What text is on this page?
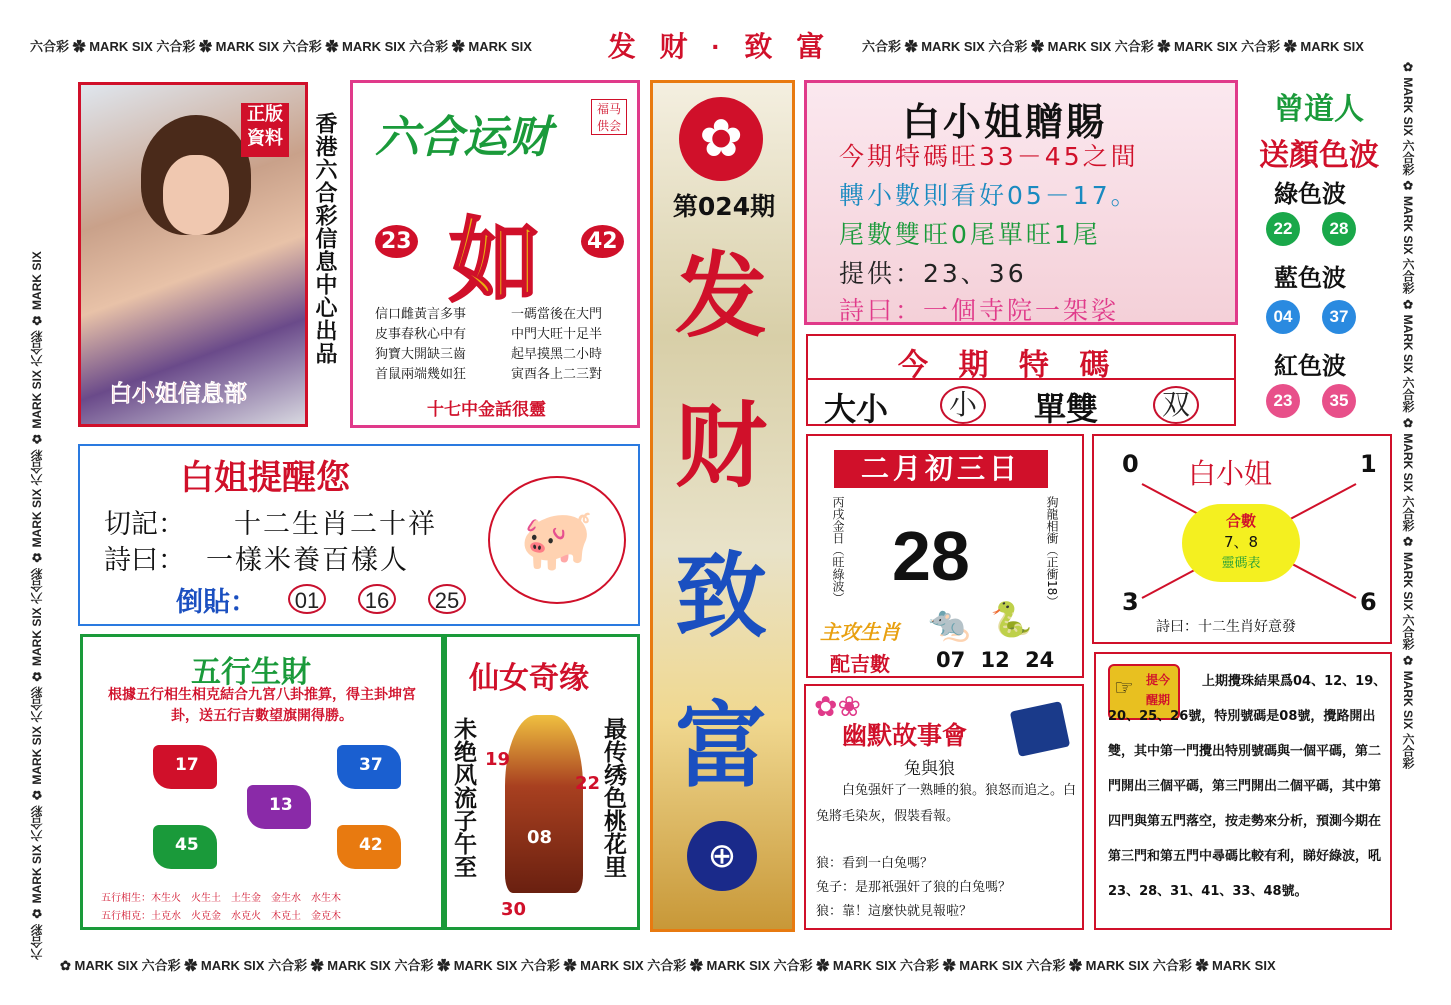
六合彩 ✿ MARK SIX 六合彩 ✿ MARK SIX 六合彩 ✿ MARK SIX 六合彩 ✿ MARK SIX	发 财 · 致 富	六合彩 ✿ MARK SIX 六合彩 ✿ MARK SIX 六合彩 ✿ MARK SIX 六合彩 ✿ MARK SIX
✿ MARK SIX 六合彩 ✿ MARK SIX 六合彩 ✿ MARK SIX 六合彩 ✿ MARK SIX 六合彩 ✿ MARK SIX 六合彩 ✿ MARK SIX 六合彩 ✿ MARK SIX 六合彩 ✿ MARK SIX 六合彩 ✿ MARK SIX 六合彩 ✿ MARK SIX
六合彩 ✿ MARK SIX 六合彩 ✿ MARK SIX 六合彩 ✿ MARK SIX 六合彩 ✿ MARK SIX 六合彩 ✿ MARK SIX 六合彩 ✿ MARK SIX	✿ MARK SIX 六合彩 ✿ MARK SIX 六合彩 ✿ MARK SIX 六合彩 ✿ MARK SIX 六合彩 ✿ MARK SIX 六合彩 ✿ MARK SIX 六合彩
正版
資料
白小姐信息部
香港六合彩信息中心出品 六合运财
福马
供会
23 如 42
信口雌黃言多事
皮事春秋心中有
狗寶大開缺三齒
首鼠兩端幾如狂
一碼當後在大門
中門大旺十足半
起早摸黑二小時
寅酉各上二三對
十七中金話很靈
✿
第024期
发
财
致
富
⊕
白小姐贈賜
今期特碼旺33－45之間
轉小數則看好05－17。
尾數雙旺0尾單旺1尾
提供：23、36
詩曰：一個寺院一架裟
曾道人
送顏色波
綠色波
22	28
藍色波
04	37
紅色波
23	35
今 期 特 碼
大小	小 單雙	双
二月初三日
丙戌金日（旺綠波） 28	狗龍相衝（正衝18）
主攻生肖 🐀 🐍
配吉數 07 12 24
0 白小姐	1
合數
7、8
靈碼表
3	6
詩曰：十二生肖好意發
白姐提醒您
切記： 十二生肖二十祥
詩曰： 一樣米養百樣人
倒貼：	01	16	25
🐖
五行生財
根據五行相生相克結合九宮八卦推算，得主卦坤宮卦，送五行吉數望旗開得勝。
17	37
13
45	42
五行相生：木生火　火生土　土生金　金生水　水生木
五行相克：土克水　火克金　水克火　木克土　金克木
仙女奇缘
未绝风流子午至	最传绣色桃花里
19
22
08
30
✿❀
幽默故事會
兔與狼
白兔强奸了一熟睡的狼。狼怒而追之。白兔將毛染灰，假裝看報。
狼：看到一白兔嗎？
兔子：是那衹强奸了狼的白兔嗎？
狼：靠！這麼快就見報啦？
☞ 提今
醒期
上期攪珠結果爲04、12、19、20、25、26號，特別號碼是08號，攪路開出雙，其中第一門攪出特別號碼與一個平碼，第二門開出三個平碼，第三門開出二個平碼，其中第四門與第五門落空，按走勢來分析，預測今期在第三門和第五門中尋碼比較有利，睇好綠波，吼23、28、31、41、33、48號。
